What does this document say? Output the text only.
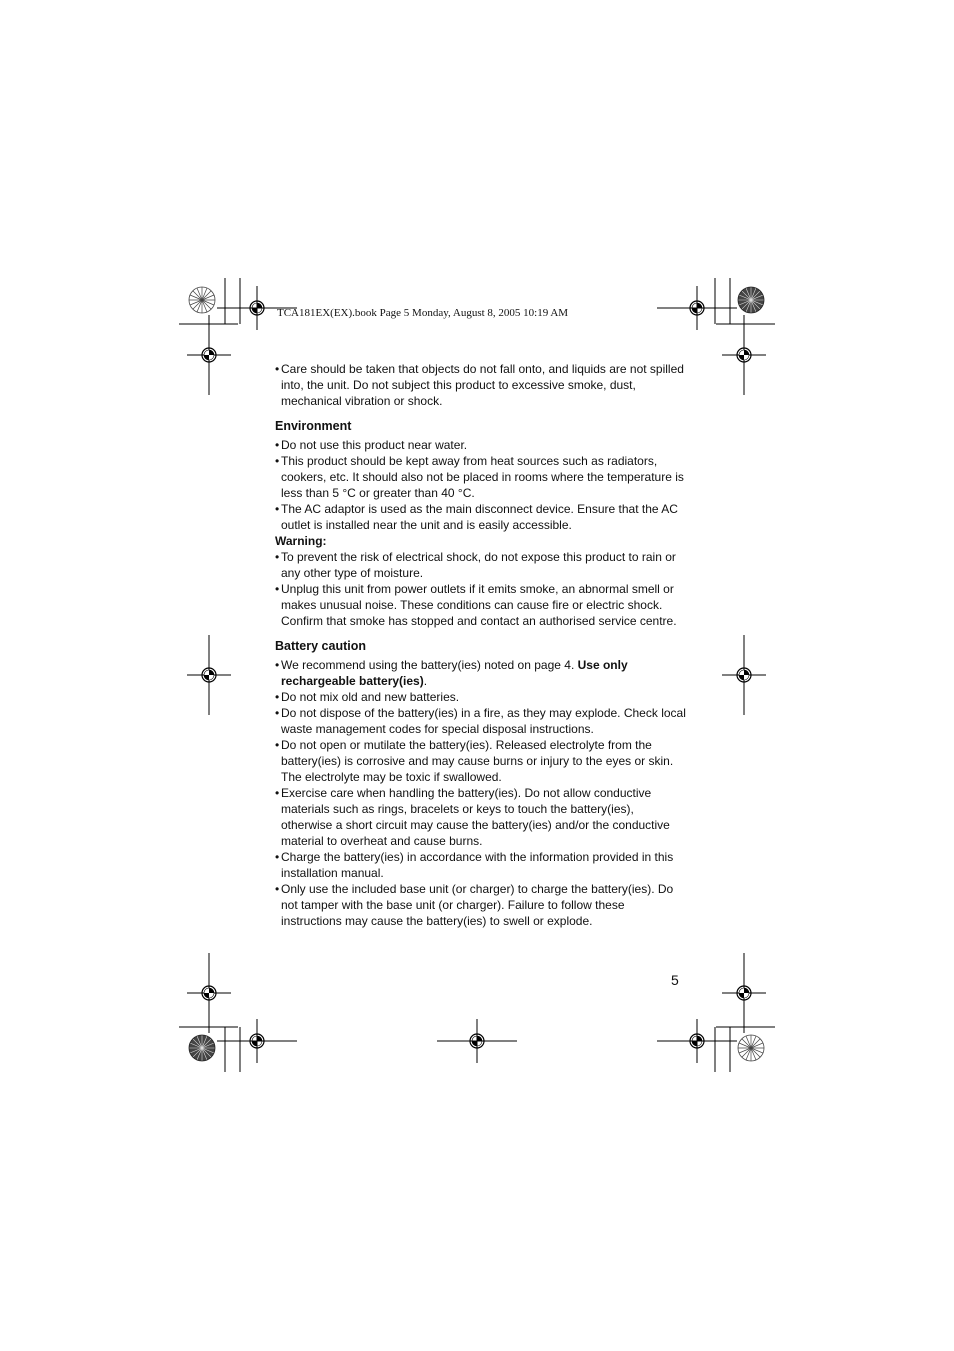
TCA181EX(EX).book Page 5 Monday, August 8, 2005 10:19 AM

• Care should be taken that objects do not fall onto, and liquids are not spilled into, the unit. Do not subject this product to excessive smoke, dust, mechanical vibration or shock.

Environment

• Do not use this product near water.

• This product should be kept away from heat sources such as radiators, cookers, etc. It should also not be placed in rooms where the temperature is less than 5 °C or greater than 40 °C.

• The AC adaptor is used as the main disconnect device. Ensure that the AC outlet is installed near the unit and is easily accessible.

Warning:

• To prevent the risk of electrical shock, do not expose this product to rain or any other type of moisture.

• Unplug this unit from power outlets if it emits smoke, an abnormal smell or makes unusual noise. These conditions can cause fire or electric shock. Confirm that smoke has stopped and contact an authorised service centre.

Battery caution

• We recommend using the battery(ies) noted on page 4. Use only rechargeable battery(ies).

• Do not mix old and new batteries.

• Do not dispose of the battery(ies) in a fire, as they may explode. Check local waste management codes for special disposal instructions.

• Do not open or mutilate the battery(ies). Released electrolyte from the battery(ies) is corrosive and may cause burns or injury to the eyes or skin. The electrolyte may be toxic if swallowed.

• Exercise care when handling the battery(ies). Do not allow conductive materials such as rings, bracelets or keys to touch the battery(ies), otherwise a short circuit may cause the battery(ies) and/or the conductive material to overheat and cause burns.

• Charge the battery(ies) in accordance with the information provided in this installation manual.

• Only use the included base unit (or charger) to charge the battery(ies). Do not tamper with the base unit (or charger). Failure to follow these instructions may cause the battery(ies) to swell or explode.

5
